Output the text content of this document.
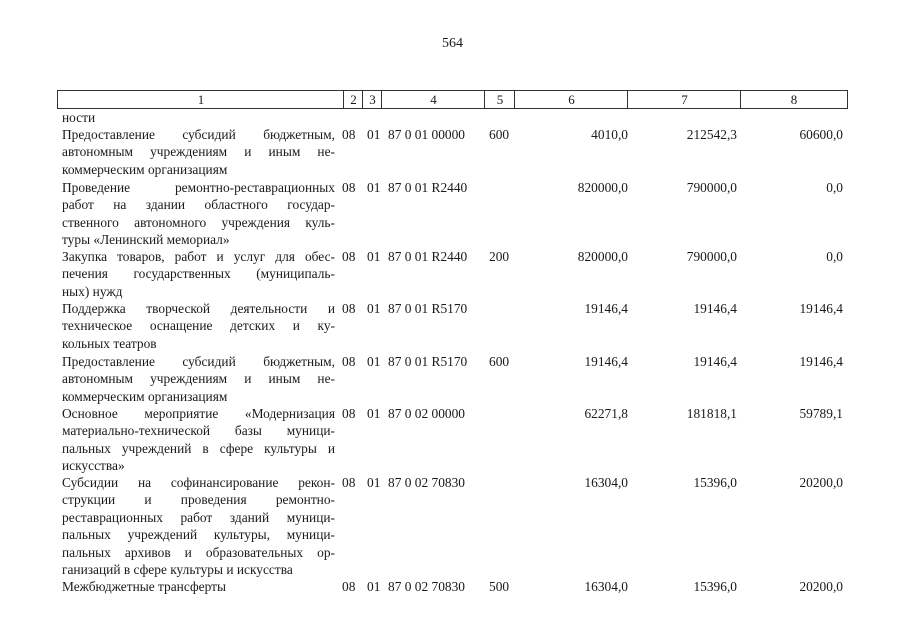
564
1	2 3	4	5	6	7	8
ности
Предоставление субсидий бюджетным,
автономным учреждениям и иным не-
коммерческим организациям
08 01 87 0 01 00000 600	4010,0	212542,3	60600,0
Проведение ремонтно-реставрационных
работ на здании областного государ-
ственного автономного учреждения куль-
туры «Ленинский мемориал»
08 01 87 0 01 R2440	820000,0	790000,0	0,0
Закупка товаров, работ и услуг для обес-
печения государственных (муниципаль-
ных) нужд
08 01 87 0 01 R2440 200	820000,0	790000,0	0,0
Поддержка творческой деятельности и
техническое оснащение детских и ку-
кольных театров
08 01 87 0 01 R5170	19146,4	19146,4	19146,4
Предоставление субсидий бюджетным,
автономным учреждениям и иным не-
коммерческим организациям
08 01 87 0 01 R5170 600	19146,4	19146,4	19146,4
Основное мероприятие «Модернизация
материально-технической базы муници-
пальных учреждений в сфере культуры и
искусства»
08 01 87 0 02 00000	62271,8	181818,1	59789,1
Субсидии на софинансирование рекон-
струкции и проведения ремонтно-
реставрационных работ зданий муници-
пальных учреждений культуры, муници-
пальных архивов и образовательных ор-
ганизаций в сфере культуры и искусства
08 01 87 0 02 70830	16304,0	15396,0	20200,0
Межбюджетные трансферты	08 01 87 0 02 70830 500	16304,0	15396,0	20200,0
